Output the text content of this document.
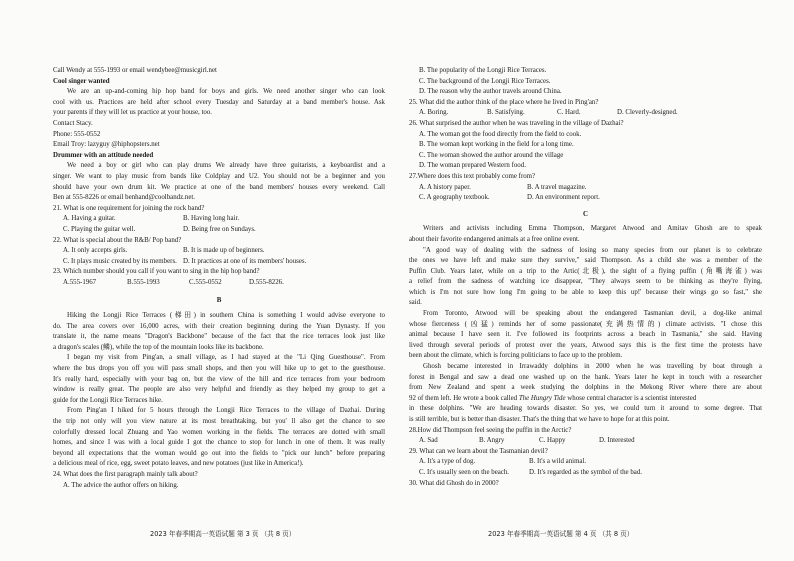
Call Wendy at 555-1993 or email wendybee@musicgirl.net
Cool singer wanted
We are an up-and-coming hip hop band for boys and girls. We need another singer who can look
cool with us. Practices are held after school every Tuesday and Saturday at a band member's house. Ask
your parents if they will let us practice at your house, too.
Contact Stacy.
Phone: 555-0552
Email Troy: lazyguy @hiphopsters.net
Drummer with an attitude needed
We need a boy or girl who can play drums We already have three guitarists, a keyboardist and a
singer. We want to play music from bands like Coldplay and U2. You should not be a beginner and you
should have your own drum kit. We practice at one of the band members' houses every weekend. Call
Ben at 555-8226 or email benhand@coolbandz.net.
21. What is one requirement for joining the rock band?
A. Having a guitar.	B. Having long hair.
C. Playing the guitar well.	D. Being free on Sundays.
22. What is special about the R&B/ Pop band?
A. It only accepts girls.	B. It is made up of beginners.
C. It plays music created by its members. D. It practices at one of its members' houses.
23. Which number should you call if you want to sing in the hip hop band?
A.555-1967	B.555-1993	C.555-0552	D.555-8226.
B
Hiking the Longji Rice Terraces (梯田) in southern China is something I would advise everyone to
do. The area covers over 16,000 acres, with their creation beginning during the Yuan Dynasty. If you
translate it, the name means "Dragon's Backbone" because of the fact that the rice terraces look just like
a dragon's scales (鳞), while the top of the mountain looks like its backbone.
I began my visit from Ping'an, a small village, as I had stayed at the "Li Qing Guesthouse". From
where the bus drops you off you will pass small shops, and then you will hike up to get to the guesthouse.
It's really hard, especially with your bag on, but the view of the hill and rice terraces from your bedroom
window is really great. The people are also very helpful and friendly as they helped my group to get a
guide for the Longji Rice Terraces hike.
From Ping'an I hiked for 5 hours through the Longji Rice Terraces to the village of Dazhai. During
the trip not only will you view nature at its most breathtaking, but you' ll also get the chance to see
colorfully dressed local Zhuang and Yao women working in the fields. The terraces are dotted with small
homes, and since I was with a local guide I got the chance to stop for lunch in one of them. It was really
beyond all expectations that the woman would go out into the fields to "pick our lunch" before preparing
a delicious meal of rice, egg, sweet potato leaves, and new potatoes (just like in America!).
24. What does the first paragraph mainly talk about?
A. The advice the author offers on hiking.
B. The popularity of the Longji Rice Terraces.
C. The background of the Longji Rice Terraces.
D. The reason why the author travels around China.
25. What did the author think of the place where he lived in Ping'an?
A. Boring.	B. Satisfying.	C. Hard.	D. Cleverly-designed.
26. What surprised the author when he was traveling in the village of Dazhai?
A. The woman got the food directly from the field to cook.
B. The woman kept working in the field for a long time.
C. The woman showed the author around the village
D. The woman prepared Western food.
27.Where does this text probably come from?
A. A history paper.	B. A travel magazine.
C. A geography textbook.	D. An environment report.
C
Writers and activists including Emma Thompson, Margaret Atwood and Amitav Ghosh are to speak
about their favorite endangered animals at a free online event.
"A good way of dealing with the sadness of losing so many species from our planet is to celebrate
the ones we have left and make sure they survive," said Thompson. As a child she was a member of the
Puffin Club. Years later, while on a trip to the Artic(北极), the sight of a flying puffin (角嘴海雀) was
a relief from the sadness of watching ice disappear, "They always seem to be thinking as they're flying,
which is I'm not sure how long I'm going to be able to keep this up!' because their wings go so fast," she
said.
From Toronto, Atwood will be speaking about the endangered Tasmanian devil, a dog-like animal
whose fierceness (凶猛) reminds her of some passionate(充满热情的) climate activists. "I chose this
animal because I have seen it. I've followed its footprints across a beach in Tasmania," she said. Having
lived through several periods of protest over the years, Atwood says this is the first time the protests have
been about the climate, which is forcing politicians to face up to the problem.
Ghosh became interested in Irrawaddy dolphins in 2000 when he was travelling by boat through a
forest in Bengal and saw a dead one washed up on the bank. Years later he kept in touch with a researcher
from New Zealand and spent a week studying the dolphins in the Mekong River where there are about
92 of them left. He wrote a book called The Hungry Tide whose central character is a scientist interested
in these dolphins. "We are heading towards disaster. So yes, we could turn it around to some degree. That
is still terrible, but is better than disaster. That's the thing that we have to hope for at this point.
28.How did Thompson feel seeing the puffin in the Arctic?
A. Sad	B. Angry	C. Happy	D. Interested
29. What can we learn about the Tasmanian devil?
A. It's a type of dog.	B. It's a wild animal.
C. It's usually seen on the beach.	D. It's regarded as the symbol of the bad.
30. What did Ghosh do in 2000?
2023 年春季期高一英语试题 第 3 页 （共 8 页）	2023 年春季期高一英语试题 第 4 页 （共 8 页）
